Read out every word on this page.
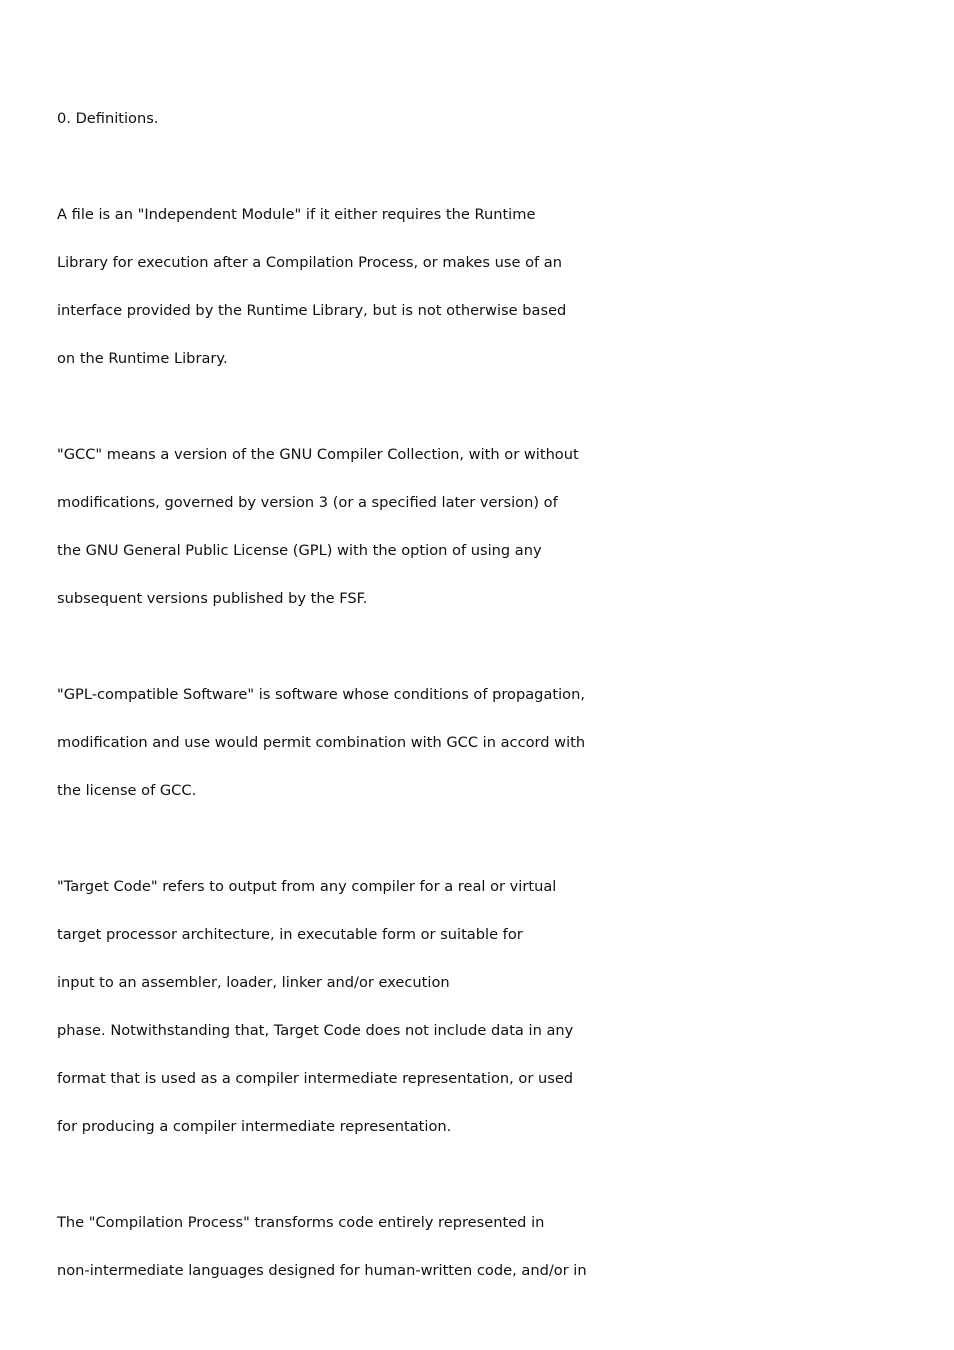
0. Definitions.
A file is an "Independent Module" if it either requires the Runtime
Library for execution after a Compilation Process, or makes use of an
interface provided by the Runtime Library, but is not otherwise based
on the Runtime Library.
"GCC" means a version of the GNU Compiler Collection, with or without
modifications, governed by version 3 (or a specified later version) of
the GNU General Public License (GPL) with the option of using any
subsequent versions published by the FSF.
"GPL-compatible Software" is software whose conditions of propagation,
modification and use would permit combination with GCC in accord with
the license of GCC.
"Target Code" refers to output from any compiler for a real or virtual
target processor architecture, in executable form or suitable for
input to an assembler, loader, linker and/or execution
phase. Notwithstanding that, Target Code does not include data in any
format that is used as a compiler intermediate representation, or used
for producing a compiler intermediate representation.
The "Compilation Process" transforms code entirely represented in
non-intermediate languages designed for human-written code, and/or in
